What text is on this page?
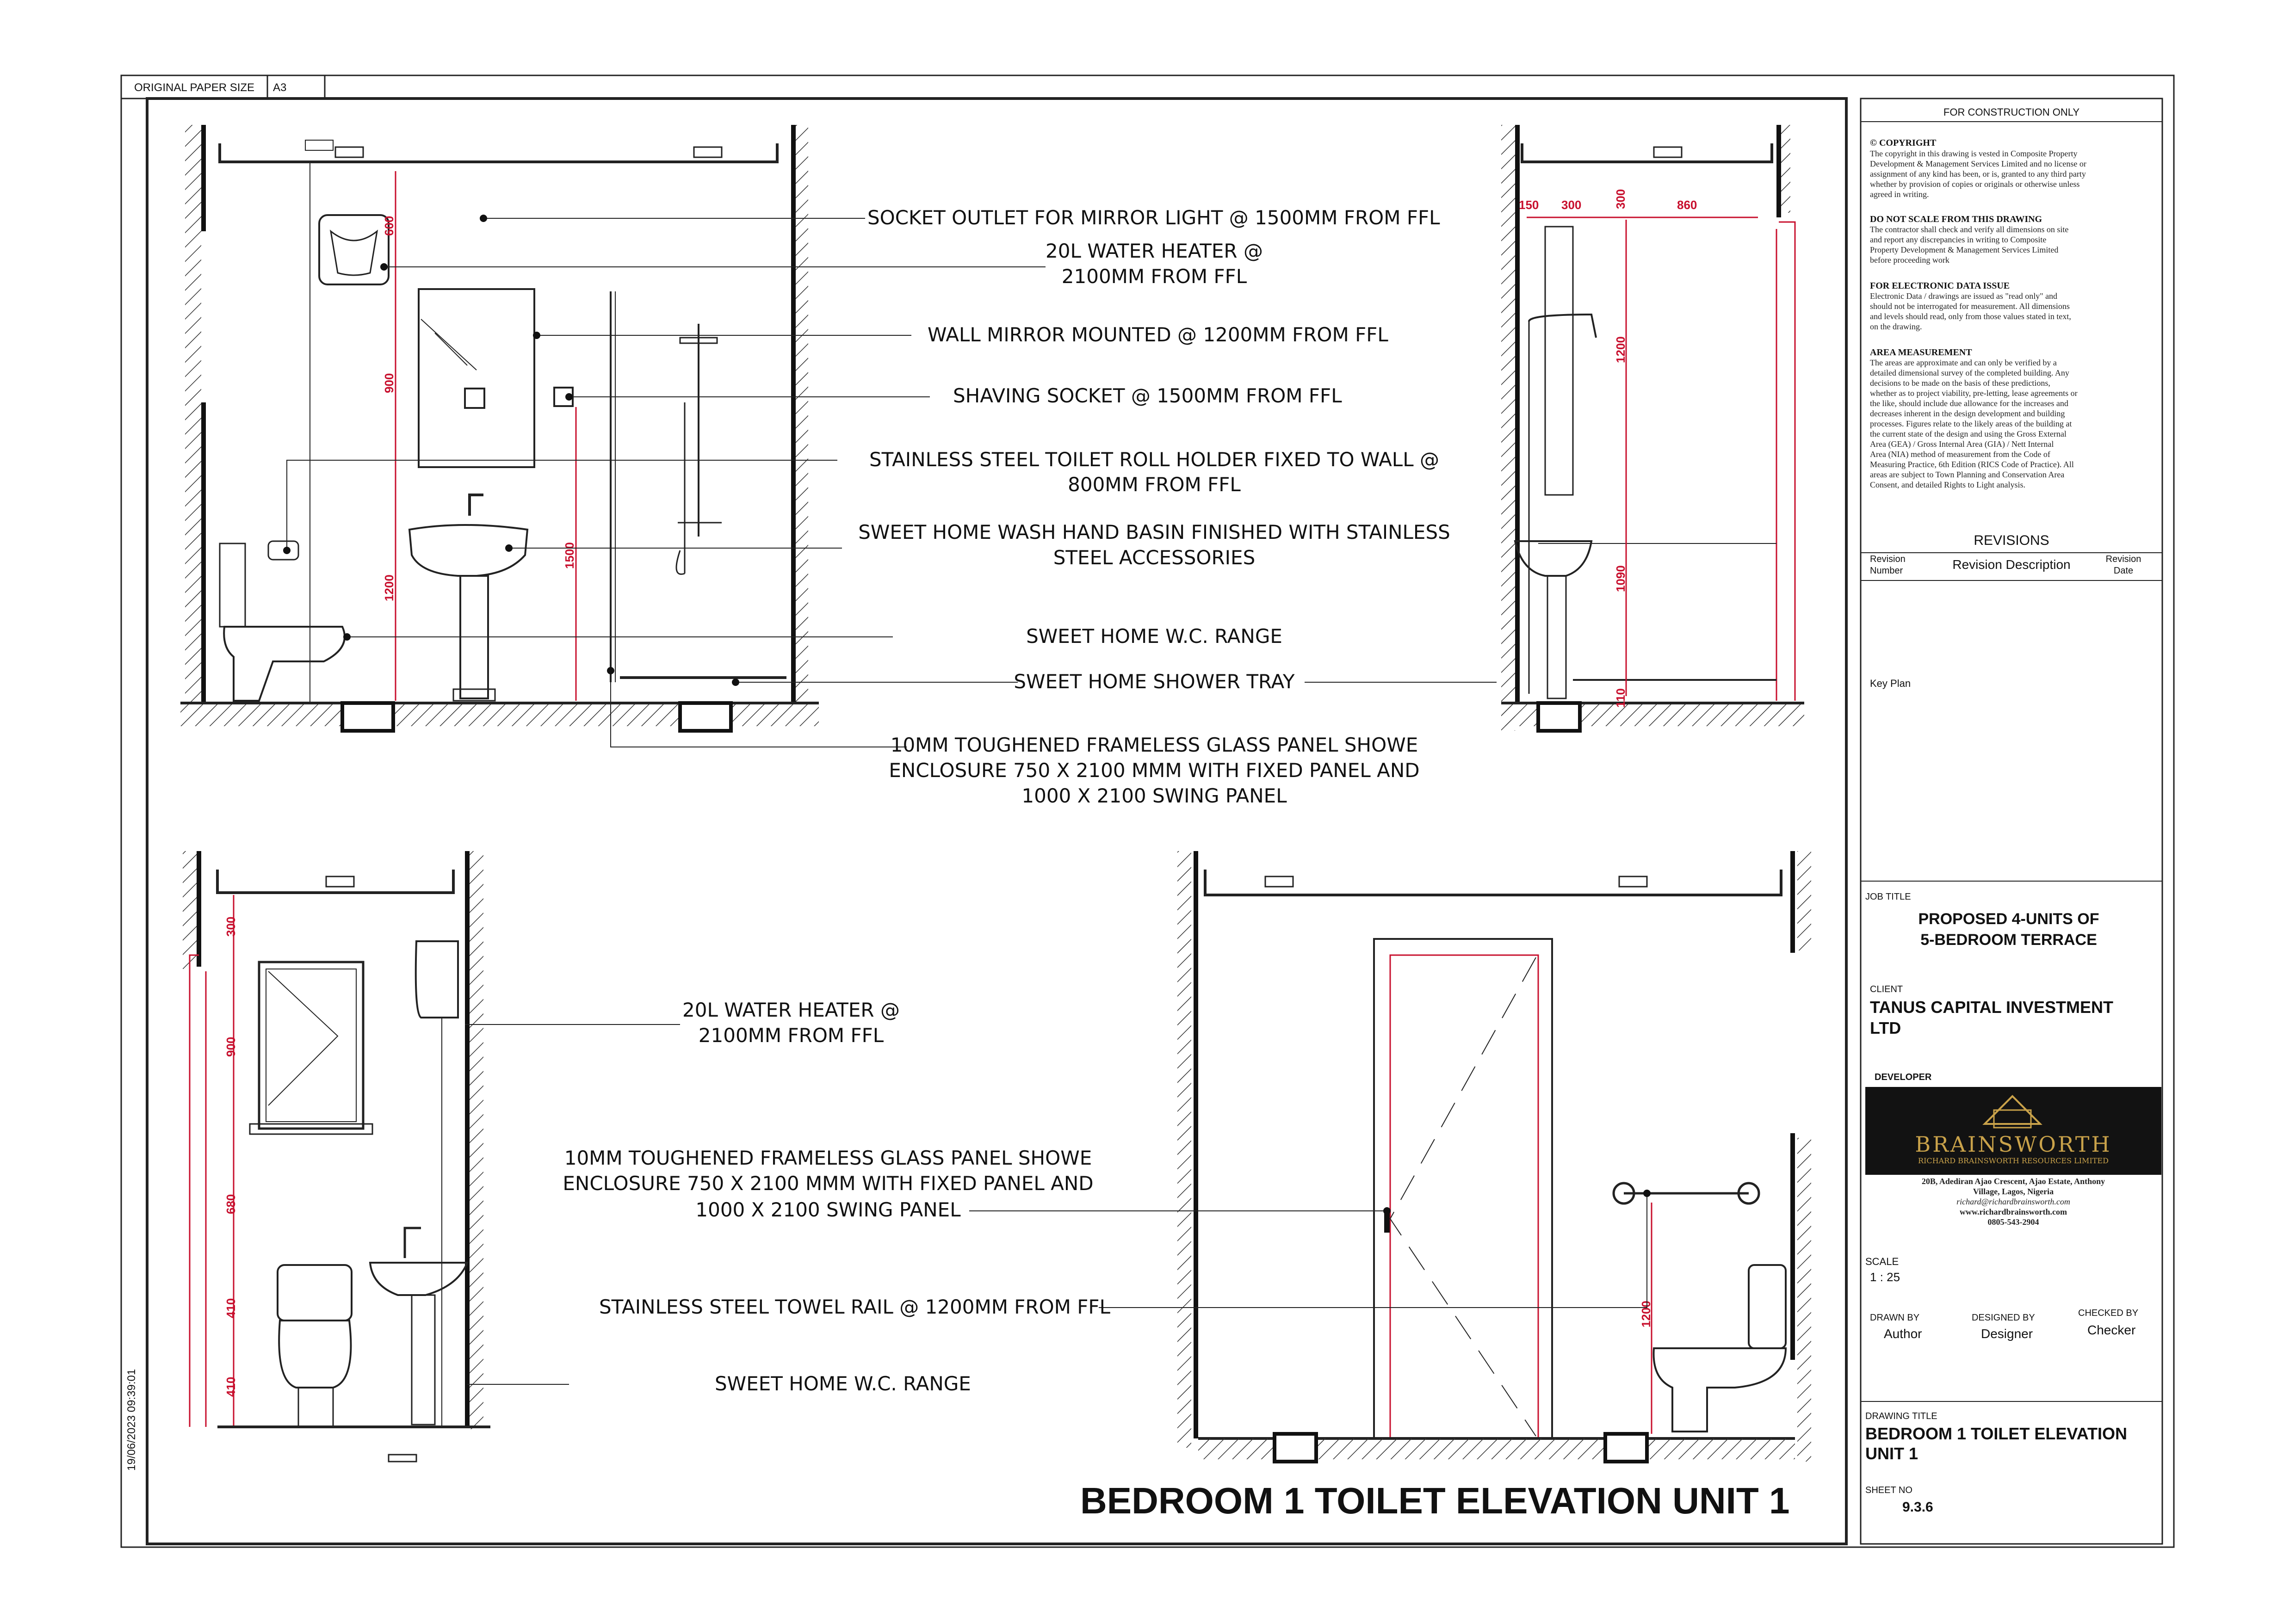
ORIGINAL PAPER SIZE A3
19/06/2023 09:39:01
600
900
1200
1500
150 300	860
300
1200
1090
110
300
900
680
410
410
1200
SOCKET OUTLET FOR MIRROR LIGHT @ 1500MM FROM FFL
20L WATER HEATER @
2100MM FROM FFL
WALL MIRROR MOUNTED @ 1200MM FROM FFL
SHAVING SOCKET @ 1500MM FROM FFL
STAINLESS STEEL TOILET ROLL HOLDER FIXED TO WALL @
800MM FROM FFL
SWEET HOME WASH HAND BASIN FINISHED WITH STAINLESS
STEEL ACCESSORIES
SWEET HOME W.C. RANGE
SWEET HOME SHOWER TRAY
10MM TOUGHENED FRAMELESS GLASS PANEL SHOWE
ENCLOSURE 750 X 2100 MMM WITH FIXED PANEL AND
1000 X 2100 SWING PANEL
20L WATER HEATER @
2100MM FROM FFL
10MM TOUGHENED FRAMELESS GLASS PANEL SHOWE
ENCLOSURE 750 X 2100 MMM WITH FIXED PANEL AND
1000 X 2100 SWING PANEL
STAINLESS STEEL TOWEL RAIL @ 1200MM FROM FFL
SWEET HOME W.C. RANGE
BEDROOM 1 TOILET ELEVATION UNIT 1
FOR CONSTRUCTION ONLY
© COPYRIGHT
The copyright in this drawing is vested in Composite Property
Development & Management Services Limited and no license or
assignment of any kind has been, or is, granted to any third party
whether by provision of copies or originals or otherwise unless
agreed in writing.
DO NOT SCALE FROM THIS DRAWING
The contractor shall check and verify all dimensions on site
and report any discrepancies in writing to Composite
Property Development & Management Services Limited
before proceeding work
FOR ELECTRONIC DATA ISSUE
Electronic Data / drawings are issued as "read only" and
should not be interrogated for measurement. All dimensions
and levels should read, only from those values stated in text,
on the drawing.
AREA MEASUREMENT
The areas are approximate and can only be verified by a
detailed dimensional survey of the completed building. Any
decisions to be made on the basis of these predictions,
whether as to project viability, pre-letting, lease agreements or
the like, should include due allowance for the increases and
decreases inherent in the design development and building
processes. Figures relate to the likely areas of the building at
the current state of the design and using the Gross External
Area (GEA) / Gross Internal Area (GIA) / Nett Internal
Area (NIA) method of measurement from the Code of
Measuring Practice, 6th Edition (RICS Code of Practice). All
areas are subject to Town Planning and Conservation Area
Consent, and detailed Rights to Light analysis.
REVISIONS
Revision
Number	Revision Description	Revision
Date
Key Plan
JOB TITLE
PROPOSED 4-UNITS OF
5-BEDROOM TERRACE
CLIENT
TANUS CAPITAL INVESTMENT
LTD
DEVELOPER
BRAINSWORTH
RICHARD BRAINSWORTH RESOURCES LIMITED
20B, Adediran Ajao Crescent, Ajao Estate, Anthony
Village, Lagos, Nigeria
richard@richardbrainsworth.com
www.richardbrainsworth.com
0805-543-2904
SCALE
1 : 25
DRAWN BY
Author
DESIGNED BY
Designer
CHECKED BY
Checker
DRAWING TITLE
BEDROOM 1 TOILET ELEVATION
UNIT 1
SHEET NO
9.3.6
